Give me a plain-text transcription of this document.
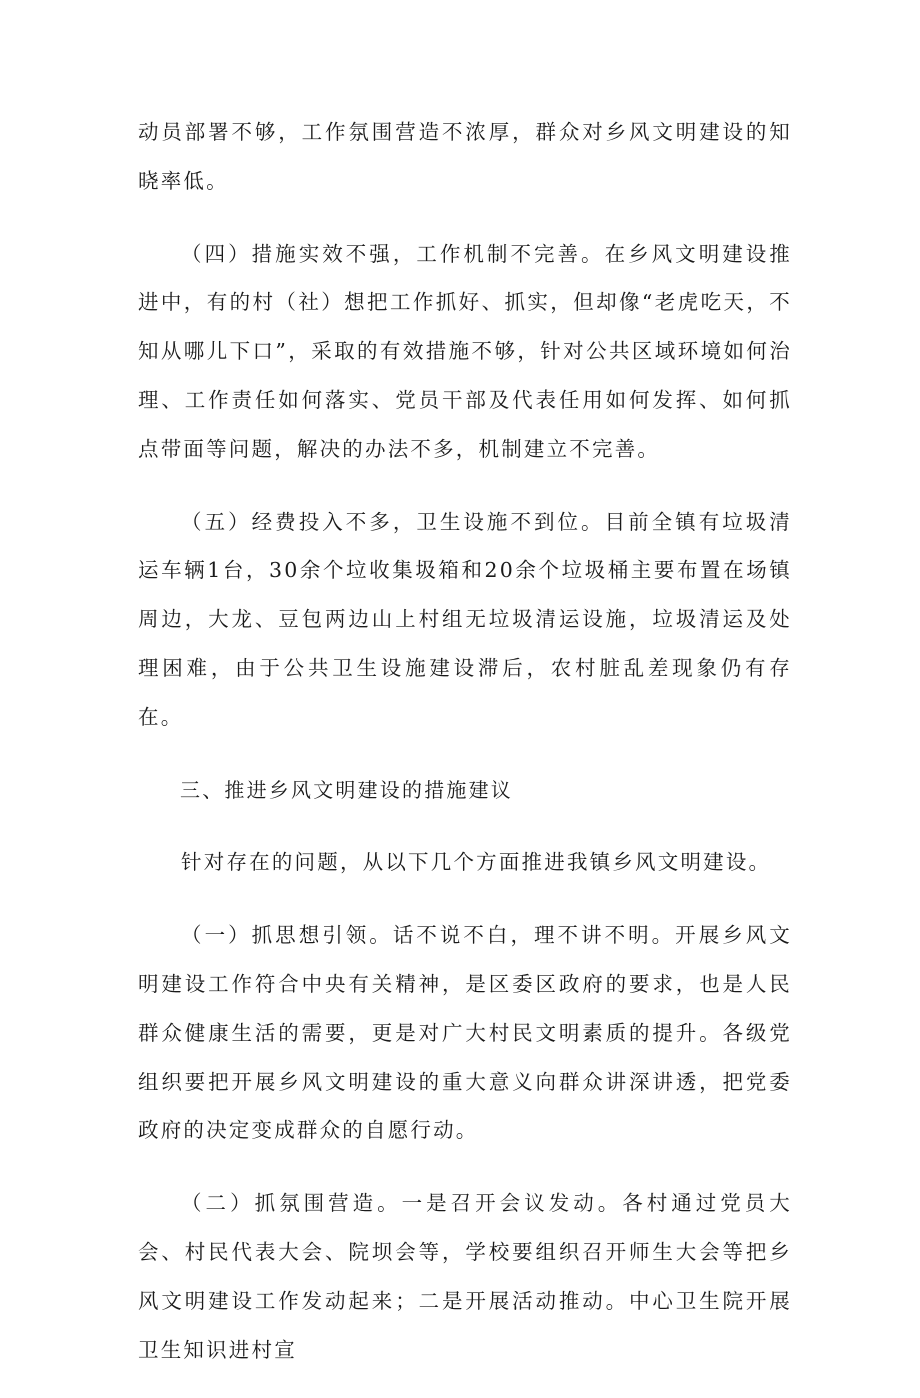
动员部署不够，工作氛围营造不浓厚，群众对乡风文明建设的知晓率低。

（四）措施实效不强，工作机制不完善。在乡风文明建设推进中，有的村（社）想把工作抓好、抓实，但却像“老虎吃天，不知从哪儿下口”，采取的有效措施不够，针对公共区域环境如何治理、工作责任如何落实、党员干部及代表任用如何发挥、如何抓点带面等问题，解决的办法不多，机制建立不完善。

（五）经费投入不多，卫生设施不到位。目前全镇有垃圾清运车辆1台，30余个垃收集圾箱和20余个垃圾桶主要布置在场镇周边，大龙、豆包两边山上村组无垃圾清运设施，垃圾清运及处理困难，由于公共卫生设施建设滞后，农村脏乱差现象仍有存在。

三、推进乡风文明建设的措施建议

针对存在的问题，从以下几个方面推进我镇乡风文明建设。

（一）抓思想引领。话不说不白，理不讲不明。开展乡风文明建设工作符合中央有关精神，是区委区政府的要求，也是人民群众健康生活的需要，更是对广大村民文明素质的提升。各级党组织要把开展乡风文明建设的重大意义向群众讲深讲透，把党委政府的决定变成群众的自愿行动。

（二）抓氛围营造。一是召开会议发动。各村通过党员大会、村民代表大会、院坝会等，学校要组织召开师生大会等把乡风文明建设工作发动起来；二是开展活动推动。中心卫生院开展卫生知识进村宣
